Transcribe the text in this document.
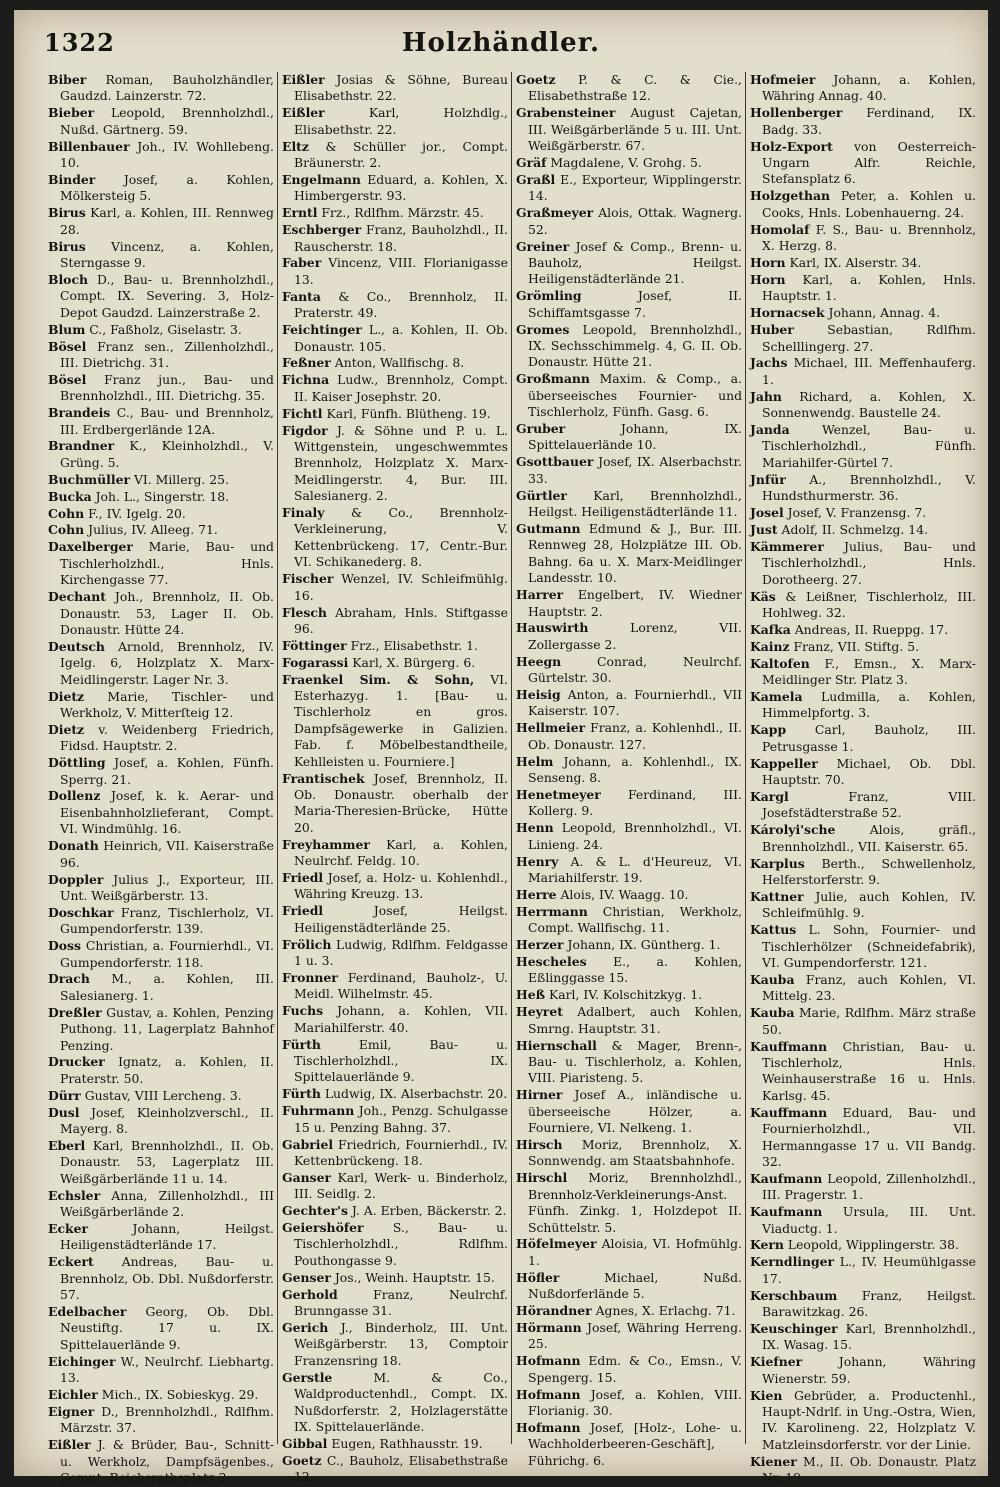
Holzhändler.
1322
Biber Roman, Bauholzhändler, Gaudzd. Lainzerstr. 72.
Bieber Leopold, Brennholzhdl., Nußd. Gärtnerg. 59.
Billenbauer Joh., IV. Wohllebeng. 10.
Binder Josef, a. Kohlen, Mölkersteig 5.
Birus Karl, a. Kohlen, III. Rennweg 28.
Birus Vincenz, a. Kohlen, Sterngasse 9.
Bloch D., Bau- u. Brennholzhdl., Compt. IX. Severing. 3, Holz-Depot Gaudzd. Lainzerstraße 2.
Blum C., Faßholz, Giselastr. 3.
Bösel Franz sen., Zillenholzhdl., III. Dietrichg. 31.
Bösel Franz jun., Bau- und Brennholzhdl., III. Dietrichg. 35.
Brandeis C., Bau- und Brennholz, III. Erdbergerlände 12A.
Brandner K., Kleinholzhdl., V. Grüng. 5.
Buchmüller VI. Millerg. 25.
Bucka Joh. L., Singerstr. 18.
Cohn F., IV. Igelg. 20.
Cohn Julius, IV. Alleeg. 71.
Daxelberger Marie, Bau- und Tischlerholzhdl., Hnls. Kirchengasse 77.
Dechant Joh., Brennholz, II. Ob. Donaustr. 53, Lager II. Ob. Donaustr. Hütte 24.
Deutsch Arnold, Brennholz, IV. Igelg. 6, Holzplatz X. Marx-Meidlingerstr. Lager Nr. 3.
Dietz Marie, Tischler- und Werkholz, V. Mitterſteig 12.
Dietz v. Weidenberg Friedrich, Fidsd. Hauptstr. 2.
Döttling Josef, a. Kohlen, Fünfh. Sperrg. 21.
Dollenz Josef, k. k. Aerar- und Eisenbahnholzlieferant, Compt. VI. Windmühlg. 16.
Donath Heinrich, VII. Kaiserstraße 96.
Doppler Julius J., Exporteur, III. Unt. Weißgärberstr. 13.
Doschkar Franz, Tischlerholz, VI. Gumpendorferstr. 139.
Doss Christian, a. Fournierhdl., VI. Gumpendorferstr. 118.
Drach M., a. Kohlen, III. Salesianerg. 1.
Dreßler Gustav, a. Kohlen, Penzing Puthong. 11, Lagerplatz Bahnhof Penzing.
Drucker Ignatz, a. Kohlen, II. Praterstr. 50.
Dürr Gustav, VIII Lercheng. 3.
Dusl Josef, Kleinholzverschl., II. Mayerg. 8.
Eberl Karl, Brennholzhdl., II. Ob. Donaustr. 53, Lagerplatz III. Weißgärberlände 11 u. 14.
Echsler Anna, Zillenholzhdl., III Weißgärberlände 2.
Ecker	Johann, Heilgst. Heiligenstädterlände 17.
Eckert Andreas, Bau- u. Brennholz, Ob. Dbl. Nußdorferstr. 57.
Edelbacher Georg, Ob. Dbl. Neustiftg. 17 u. IX. Spittelauerlände 9.
Eichinger W., Neulrchf. Liebhartg. 13.
Eichler Mich., IX. Sobieskyg. 29.
Eigner D., Brennholzhdl., Rdlfhm. Märzstr. 37.
Eißler J. & Brüder, Bau-, Schnitt- u. Werkholz, Dampfsägenbes., Compt. Reichsrathsplatz 2.
Eißler Josias & Söhne, Bureau Elisabethstr. 22.
Eißler	Karl, Holzhdlg., Elisabethstr. 22.
Eltz & Schüller jor., Compt. Bräunerstr. 2.
Engelmann Eduard, a. Kohlen, X. Himbergerstr. 93.
Erntl Frz., Rdlfhm. Märzstr. 45.
Eschberger Franz, Bauholzhdl., II. Rauscherstr. 18.
Faber Vincenz, VIII. Florianigasse 13.
Fanta & Co., Brennholz, II. Praterstr. 49.
Feichtinger L., a. Kohlen, II. Ob. Donaustr. 105.
Feßner Anton, Wallfischg. 8.
Fichna Ludw., Brennholz, Compt. II. Kaiser Josephstr. 20.
Fichtl Karl, Fünfh. Blütheng. 19.
Figdor J. & Söhne und P. u. L. Wittgenstein, ungeschwemmtes Brennholz, Holzplatz X. Marx-Meidlingerstr. 4, Bur. III. Salesianerg. 2.
Finaly & Co., Brennholz-Verkleinerung, V. Kettenbrückeng. 17, Centr.-Bur. VI. Schikanederg. 8.
Fischer Wenzel, IV. Schleifmühlg. 16.
Flesch Abraham, Hnls. Stiftgasse 96.
Föttinger Frz., Elisabethstr. 1.
Fogarassi Karl, X. Bürgerg. 6.
Fraenkel Sim. & Sohn, VI. Esterhazyg. 1. [Bau- u. Tischlerholz en gros. Dampfsägewerke in Galizien. Fab. f. Möbelbestandtheile, Kehlleisten u. Fourniere.]
Frantischek Josef, Brennholz, II. Ob. Donaustr. oberhalb der Maria-Theresien-Brücke, Hütte 20.
Freyhammer Karl, a. Kohlen, Neulrchf. Feldg. 10.
Friedl Josef, a. Holz- u. Kohlenhdl., Währing Kreuzg. 13.
Friedl	Josef, Heilgst. Heiligenstädterlände 25.
Frölich Ludwig, Rdlfhm. Feldgasse 1 u. 3.
Fronner Ferdinand, Bauholz-, U. Meidl. Wilhelmstr. 45.
Fuchs Johann, a. Kohlen, VII. Mariahilferstr. 40.
Fürth	Emil, Bau- u. Tischlerholzhdl., IX. Spittelauerlände 9.
Fürth Ludwig, IX. Alserbachstr. 20.
Fuhrmann Joh., Penzg. Schulgasse 15 u. Penzing Bahng. 37.
Gabriel Friedrich, Fournierhdl., IV. Kettenbrückeng. 18.
Ganser Karl, Werk- u. Binderholz, III. Seidlg. 2.
Gechter's J. A. Erben, Bäckerstr. 2.
Geiershöfer S., Bau- u. Tischlerholzhdl., Rdlfhm. Pouthongasse 9.
Genser Jos., Weinh. Hauptstr. 15.
Gerhold	Franz, Neulrchf. Brunngasse 31.
Gerich J., Binderholz, III. Unt. Weißgärberstr. 13, Comptoir Franzensring 18.
Gerstle	M. & Co., Waldproductenhdl., Compt. IX. Nußdorferstr. 2, Holzlagerstätte IX. Spittelauerlände.
Gibbal Eugen, Rathhausstr. 19.
Goetz C., Bauholz, Elisabethstraße 12.
Goetz P. & C. & Cie., Elisabethstraße 12.
Grabensteiner August Cajetan, III. Weißgärberlände 5 u. III. Unt. Weißgärberstr. 67.
Gräf Magdalene, V. Grohg. 5.
Graßl E., Exporteur, Wipplingerstr. 14.
Graßmeyer Alois, Ottak. Wagnerg. 52.
Greiner Josef & Comp., Brenn- u. Bauholz, Heilgst. Heiligenstädterlände 21.
Grömling	Josef, II. Schiffamtsgasse 7.
Gromes Leopold, Brennholzhdl., IX. Sechsschimmelg. 4, G. II. Ob. Donaustr. Hütte 21.
Großmann Maxim. & Comp., a. überseeisches Fournier- und Tischlerholz, Fünfh. Gasg. 6.
Gruber	Johann, IX. Spittelauerlände 10.
Gsottbauer Josef, IX. Alserbachstr. 33.
Gürtler Karl, Brennholzhdl., Heilgst. Heiligenstädterlände 11.
Gutmann Edmund & J., Bur. III. Rennweg 28, Holzplätze III. Ob. Bahng. 6a u. X. Marx-Meidlinger Landesstr. 10.
Harrer Engelbert, IV. Wiedner Hauptstr. 2.
Hauswirth	Lorenz, VII. Zollergasse 2.
Heegn	Conrad, Neulrchf. Gürtelstr. 30.
Heisig Anton, a. Fournierhdl., VII Kaiserstr. 107.
Hellmeier Franz, a. Kohlenhdl., II. Ob. Donaustr. 127.
Helm Johann, a. Kohlenhdl., IX. Senseng. 8.
Henetmeyer Ferdinand, III. Kollerg. 9.
Henn Leopold, Brennholzhdl., VI. Linieng. 24.
Henry A. & L. d'Heureuz, VI. Mariahilferstr. 19.
Herre Alois, IV. Waagg. 10.
Herrmann Christian, Werkholz, Compt. Wallfischg. 11.
Herzer Johann, IX. Güntherg. 1.
Hescheles E., a. Kohlen, Eßlinggasse 15.
Heß Karl, IV. Kolschitzkyg. 1.
Heyret Adalbert, auch Kohlen, Smrng. Hauptstr. 31.
Hiernschall & Mager, Brenn-, Bau- u. Tischlerholz, a. Kohlen, VIII. Piaristeng. 5.
Hirner Josef A., inländische u. überseeische Hölzer, a. Fourniere, VI. Nelkeng. 1.
Hirsch Moriz, Brennholz, X. Sonnwendg. am Staatsbahnhofe.
Hirschl Moriz, Brennholzhdl., Brennholz-Verkleinerungs-Anst. Fünfh. Zinkg. 1, Holzdepot II. Schüttelstr. 5.
Höfelmeyer Aloisia, VI. Hofmühlg. 1.
Höfler	Michael, Nußd. Nußdorferlände 5.
Hörandner Agnes, X. Erlachg. 71.
Hörmann Josef, Währing Herreng. 25.
Hofmann Edm. & Co., Emsn., V. Spengerg. 15.
Hofmann Josef, a. Kohlen, VIII. Florianig. 30.
Hofmann Josef, [Holz-, Lohe- u. Wachholderbeeren-Geschäft], Führichg. 6.
Hofmeier Johann, a. Kohlen, Währing Annag. 40.
Hollenberger Ferdinand, IX. Badg. 33.
Holz-Export von Oesterreich-Ungarn Alfr. Reichle, Stefansplatz 6.
Holzgethan Peter, a. Kohlen u. Cooks, Hnls. Lobenhauerng. 24.
Homolaf F. S., Bau- u. Brennholz, X. Herzg. 8.
Horn Karl, IX. Alserstr. 34.
Horn Karl, a. Kohlen, Hnls. Hauptstr. 1.
Hornacsek Johann, Annag. 4.
Huber	Sebastian, Rdlfhm. Schelllingerg. 27.
Jachs Michael, III. Meffenhauferg. 1.
Jahn Richard, a. Kohlen, X. Sonnenwendg. Baustelle 24.
Janda	Wenzel, Bau- u. Tischlerholzhdl., Fünfh. Mariahilfer-Gürtel 7.
Jnfür A., Brennholzhdl., V. Hundsthurmerstr. 36.
Josel Josef, V. Franzensg. 7.
Just Adolf, II. Schmelzg. 14.
Kämmerer Julius, Bau- und Tischlerholzhdl., Hnls. Dorotheerg. 27.
Käs & Leißner, Tischlerholz, III. Hohlweg. 32.
Kafka Andreas, II. Rueppg. 17.
Kainz Franz, VII. Stiftg. 5.
Kaltofen F., Emsn., X. Marx-Meidlinger Str. Platz 3.
Kamela Ludmilla, a. Kohlen, Himmelpfortg. 3.
Kapp Carl, Bauholz, III. Petrusgasse 1.
Kappeller Michael, Ob. Dbl. Hauptstr. 70.
Kargl	Franz, VIII. Josefstädterstraße 52.
Károlyi'sche	Alois, gräfl., Brennholzhdl., VII. Kaiserstr. 65.
Karplus Berth., Schwellenholz, Helferstorferstr. 9.
Kattner Julie, auch Kohlen, IV. Schleifmühlg. 9.
Kattus L. Sohn, Fournier- und Tischlerhölzer (Schneidefabrik), VI. Gumpendorferstr. 121.
Kauba Franz, auch Kohlen, VI. Mittelg. 23.
Kauba Marie, Rdlfhm. März straße 50.
Kauffmann Christian, Bau- u. Tischlerholz, Hnls. Weinhauserstraße 16 u. Hnls. Karlsg. 45.
Kauffmann Eduard, Bau- und Fournierholzhdl., VII. Hermanngasse 17 u. VII Bandg. 32.
Kaufmann Leopold, Zillenholzhdl., III. Pragerstr. 1.
Kaufmann Ursula, III. Unt. Viaductg. 1.
Kern Leopold, Wipplingerstr. 38.
Kerndlinger L., IV. Heumühlgasse 17.
Kerschbaum Franz, Heilgst. Barawitzkag. 26.
Keuschinger Karl, Brennholzhdl., IX. Wasag. 15.
Kiefner	Johann, Währing Wienerstr. 59.
Kien Gebrüder, a. Productenhl., Haupt-Ndrlf. in Ung.-Ostra, Wien, IV. Karolineng. 22, Holzplatz V. Matzleinsdorferstr. vor der Linie.
Kiener M., II. Ob. Donaustr. Platz Nr. 19.
